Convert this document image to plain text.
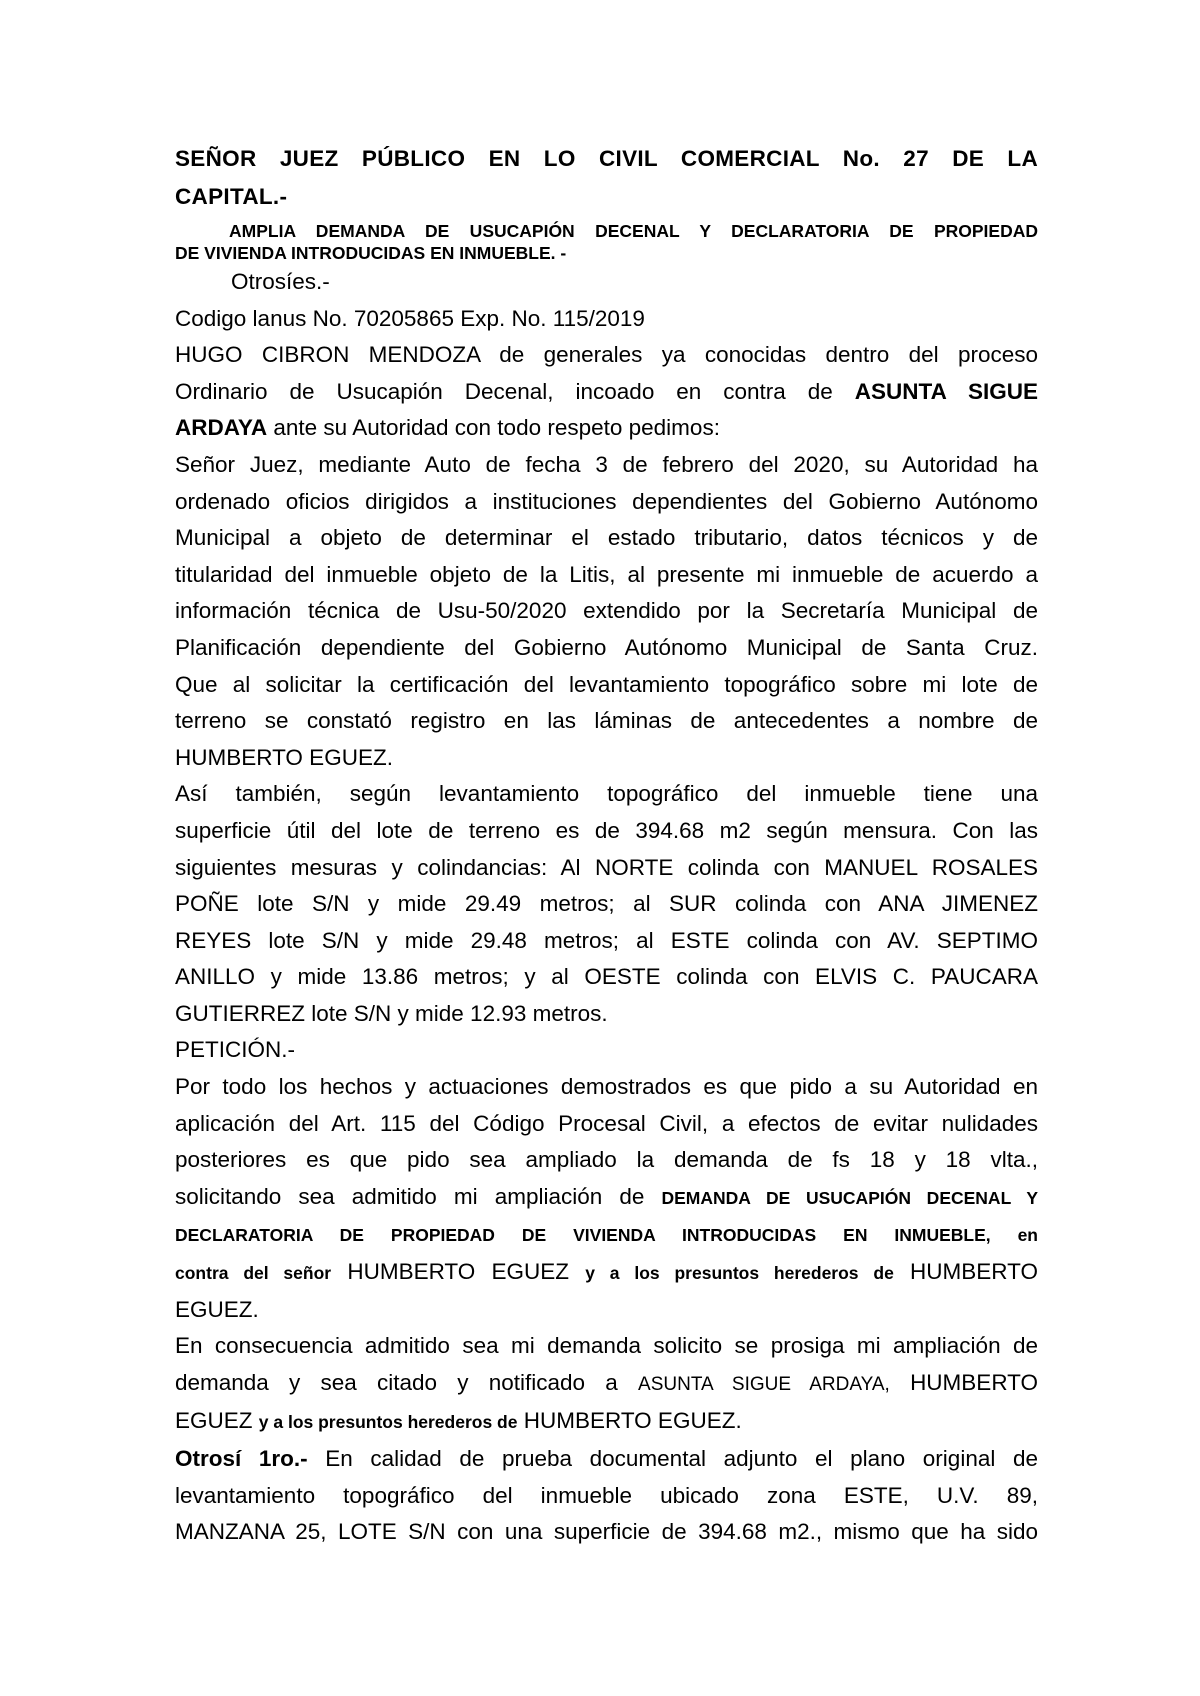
SEÑOR JUEZ PÚBLICO EN LO CIVIL COMERCIAL No. 27 DE LA
CAPITAL.-
AMPLIA DEMANDA DE USUCAPIÓN DECENAL Y DECLARATORIA DE PROPIEDAD
DE VIVIENDA INTRODUCIDAS EN INMUEBLE. -
Otrosíes.-
Codigo lanus No. 70205865 Exp. No. 115/2019
HUGO CIBRON MENDOZA de generales ya conocidas dentro del proceso
Ordinario de Usucapión Decenal, incoado en contra de ASUNTA SIGUE
ARDAYA ante su Autoridad con todo respeto pedimos:
Señor Juez, mediante Auto de fecha 3 de febrero del 2020, su Autoridad ha
ordenado oficios dirigidos a instituciones dependientes del Gobierno Autónomo
Municipal a objeto de determinar el estado tributario, datos técnicos y de
titularidad del inmueble objeto de la Litis, al presente mi inmueble de acuerdo a
información técnica de Usu-50/2020 extendido por la Secretaría Municipal de
Planificación dependiente del Gobierno Autónomo Municipal de Santa Cruz.
Que al solicitar la certificación del levantamiento topográfico sobre mi lote de
terreno se constató registro en las láminas de antecedentes a nombre de
HUMBERTO EGUEZ.
Así también, según levantamiento topográfico del inmueble tiene una
superficie útil del lote de terreno es de 394.68 m2 según mensura. Con las
siguientes mesuras y colindancias: Al NORTE colinda con MANUEL ROSALES
POÑE lote S/N y mide 29.49 metros; al SUR colinda con ANA JIMENEZ
REYES lote S/N y mide 29.48 metros; al ESTE colinda con AV. SEPTIMO
ANILLO y mide 13.86 metros; y al OESTE colinda con ELVIS C. PAUCARA
GUTIERREZ lote S/N y mide 12.93 metros.
PETICIÓN.-
Por todo los hechos y actuaciones demostrados es que pido a su Autoridad en
aplicación del Art. 115 del Código Procesal Civil, a efectos de evitar nulidades
posteriores es que pido sea ampliado la demanda de fs 18 y 18 vlta.,
solicitando sea admitido mi ampliación de DEMANDA DE USUCAPIÓN DECENAL Y
DECLARATORIA DE PROPIEDAD DE VIVIENDA INTRODUCIDAS EN INMUEBLE, en
contra del señor HUMBERTO EGUEZ y a los presuntos herederos de HUMBERTO
EGUEZ.
En consecuencia admitido sea mi demanda solicito se prosiga mi ampliación de
demanda y sea citado y notificado a ASUNTA SIGUE ARDAYA, HUMBERTO
EGUEZ y a los presuntos herederos de HUMBERTO EGUEZ.
Otrosí 1ro.- En calidad de prueba documental adjunto el plano original de
levantamiento topográfico del inmueble ubicado zona ESTE, U.V. 89,
MANZANA 25, LOTE S/N con una superficie de 394.68 m2., mismo que ha sido
